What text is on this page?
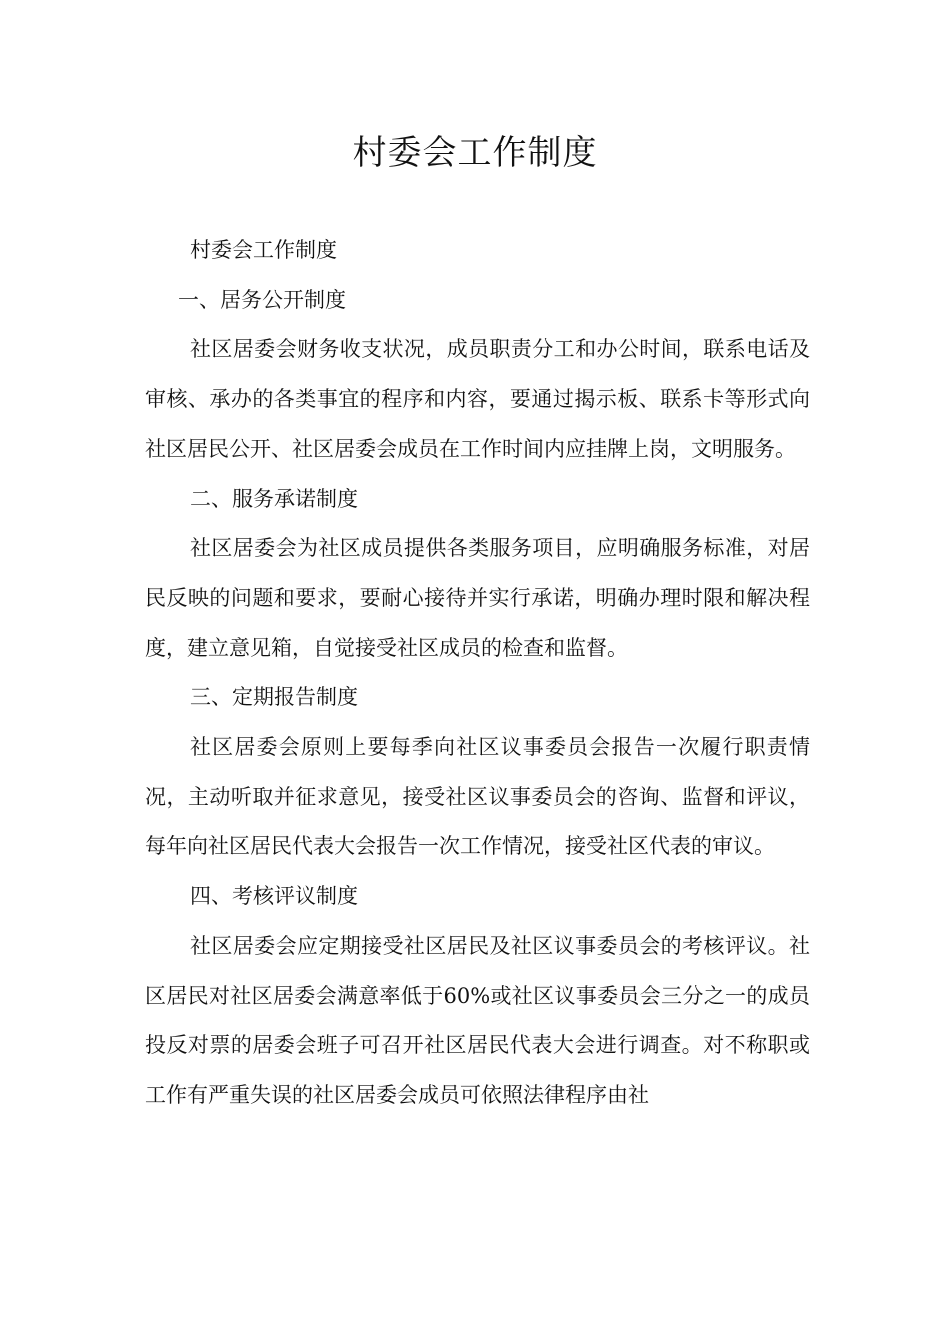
村委会工作制度

村委会工作制度

一、居务公开制度

社区居委会财务收支状况，成员职责分工和办公时间，联系电话及审核、承办的各类事宜的程序和内容，要通过揭示板、联系卡等形式向社区居民公开、社区居委会成员在工作时间内应挂牌上岗，文明服务。

二、服务承诺制度

社区居委会为社区成员提供各类服务项目，应明确服务标准，对居民反映的问题和要求，要耐心接待并实行承诺，明确办理时限和解决程度，建立意见箱，自觉接受社区成员的检查和监督。

三、定期报告制度

社区居委会原则上要每季向社区议事委员会报告一次履行职责情况，主动听取并征求意见，接受社区议事委员会的咨询、监督和评议，每年向社区居民代表大会报告一次工作情况，接受社区代表的审议。

四、考核评议制度

社区居委会应定期接受社区居民及社区议事委员会的考核评议。社区居民对社区居委会满意率低于60%或社区议事委员会三分之一的成员投反对票的居委会班子可召开社区居民代表大会进行调查。对不称职或工作有严重失误的社区居委会成员可依照法律程序由社
